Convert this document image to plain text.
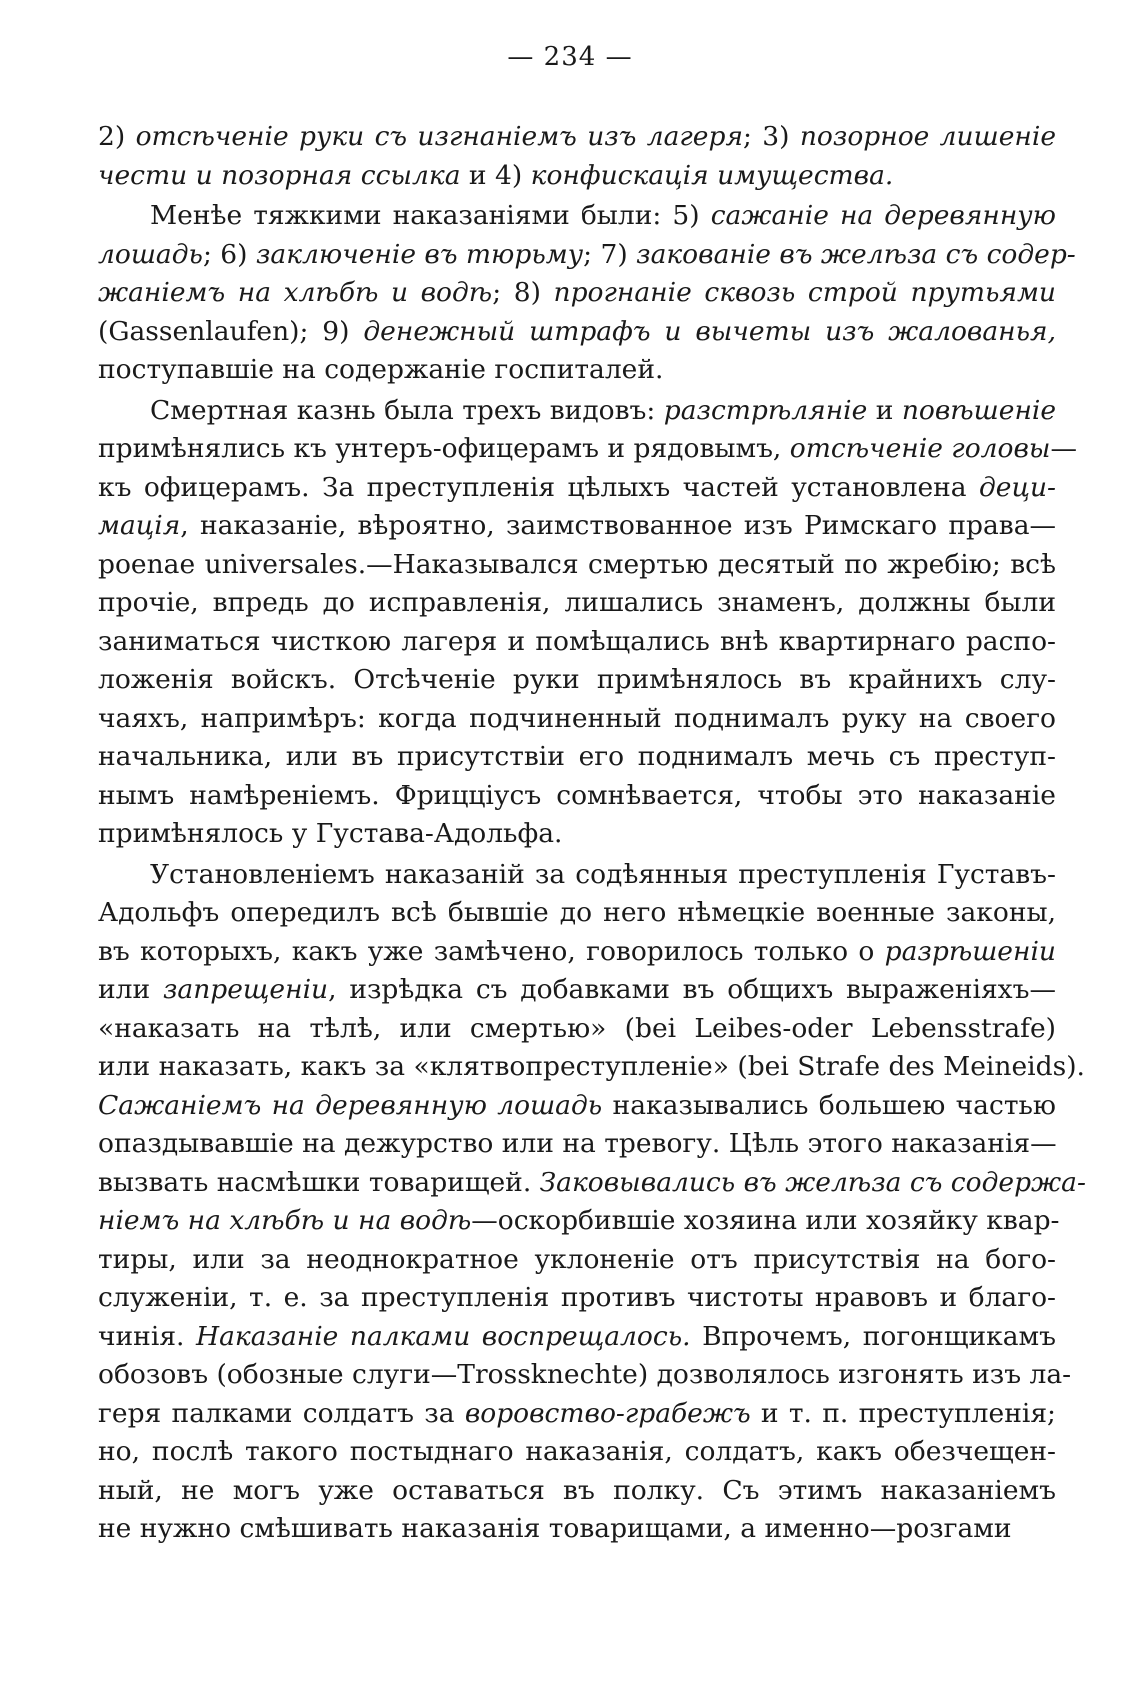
— 234 —
2) отсѣченіе руки съ изгнаніемъ изъ лагеря; 3) позорное лишеніе
чести и позорная ссылка и 4) конфискація имущества.
Менѣе тяжкими наказаніями были: 5) сажаніе на деревянную
лошадь; 6) заключеніе въ тюрьму; 7) закованіе въ желѣза съ содер-
жаніемъ на хлѣбѣ и водѣ; 8) прогнаніе сквозь строй прутьями
(Gassenlaufen); 9) денежный штрафъ и вычеты изъ жалованья,
поступавшіе на содержаніе госпиталей.
Смертная казнь была трехъ видовъ: разстрѣляніе и повѣшеніе
примѣнялись къ унтеръ-офицерамъ и рядовымъ, отсѣченіе головы—
къ офицерамъ. За преступленія цѣлыхъ частей установлена деци-
мація, наказаніе, вѣроятно, заимствованное изъ Римскаго права—
poenae universales.—Наказывался смертью десятый по жребію; всѣ
прочіе, впредь до исправленія, лишались знаменъ, должны были
заниматься чисткою лагеря и помѣщались внѣ квартирнаго распо-
ложенія войскъ. Отсѣченіе руки примѣнялось въ крайнихъ слу-
чаяхъ, напримѣръ: когда подчиненный поднималъ руку на своего
начальника, или въ присутствіи его поднималъ мечь съ преступ-
нымъ намѣреніемъ. Фрицціусъ сомнѣвается, чтобы это наказаніе
примѣнялось у Густава-Адольфа.
Установленіемъ наказаній за содѣянныя преступленія Густавъ-
Адольфъ опередилъ всѣ бывшіе до него нѣмецкіе военные законы,
въ которыхъ, какъ уже замѣчено, говорилось только о разрѣшеніи
или запрещеніи, изрѣдка съ добавками въ общихъ выраженіяхъ—
«наказать на тѣлѣ, или смертью» (bei Leibes-oder Lebensstrafe)
или наказать, какъ за «клятвопреступленіе» (bei Strafe des Meineids).
Сажаніемъ на деревянную лошадь наказывались большею частью
опаздывавшіе на дежурство или на тревогу. Цѣль этого наказанія—
вызвать насмѣшки товарищей. Заковывались въ желѣза съ содержа-
ніемъ на хлѣбѣ и на водѣ—оскорбившіе хозяина или хозяйку квар-
тиры, или за неоднократное уклоненіе отъ присутствія на бого-
служеніи, т. е. за преступленія противъ чистоты нравовъ и благо-
чинія. Наказаніе палками воспрещалось. Впрочемъ, погонщикамъ
обозовъ (обозные слуги—Trossknechte) дозволялось изгонять изъ ла-
геря палками солдатъ за воровство-грабежъ и т. п. преступленія;
но, послѣ такого постыднаго наказанія, солдатъ, какъ обезчещен-
ный, не могъ уже оставаться въ полку. Съ этимъ наказаніемъ
не нужно смѣшивать наказанія товарищами, а именно—розгами
